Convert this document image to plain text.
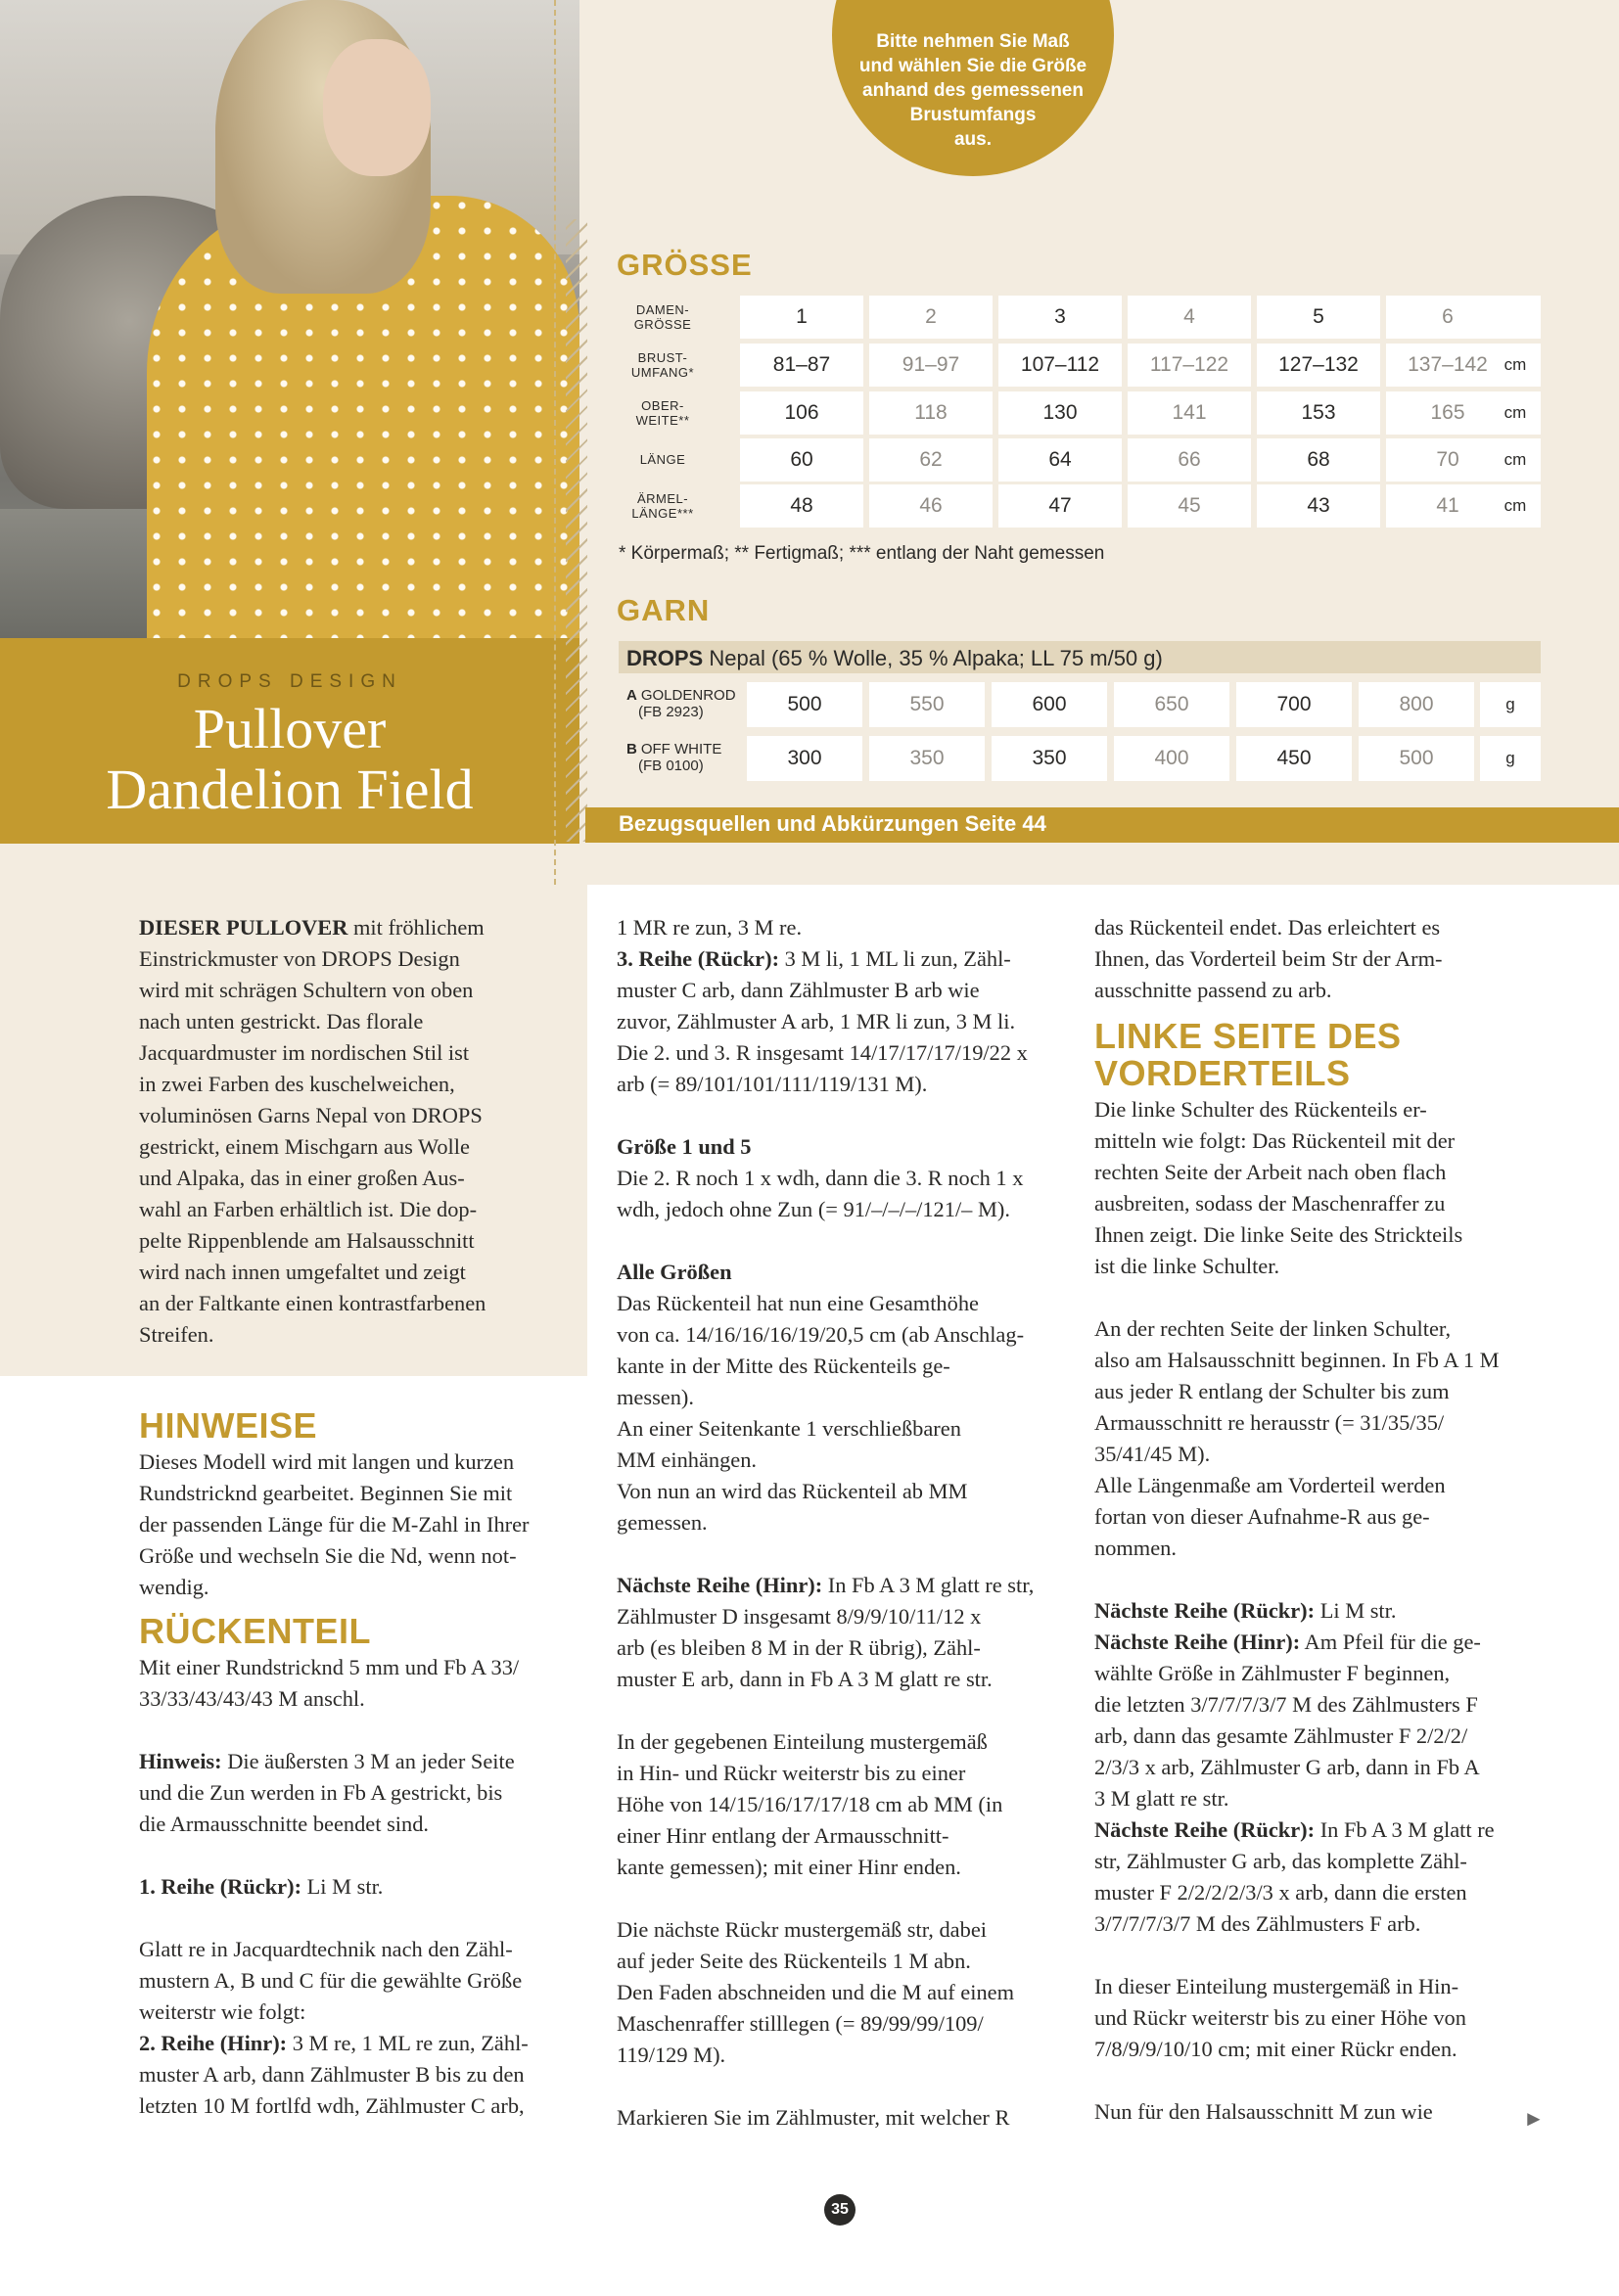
DROPS DESIGN
Pullover
Dandelion Field
Bitte nehmen Sie Maß
und wählen Sie die Größe
anhand des gemessenen
Brustumfangs
aus.
GRÖSSE
DAMEN-
GRÖSSE	1	2	3	4	5	6
BRUST-
UMFANG*	81–87	91–97	107–112	117–122	127–132	137–142 cm
OBER-
WEITE**	106	118	130	141	153	165	cm
LÄNGE	60	62	64	66	68	70	cm
ÄRMEL-
LÄNGE***	48	46	47	45	43	41	cm
* Körpermaß; ** Fertigmaß; *** entlang der Naht gemessen
GARN
DROPS Nepal (65 % Wolle, 35 % Alpaka; LL 75 m/50 g)
A GOLDENROD
(FB 2923)	500	550	600	650	700	800	g
B OFF WHITE
(FB 0100)	300	350	350	400	450	500	g
Bezugsquellen und Abkürzungen Seite 44

DIESER PULLOVER mit fröhlichem

Einstrickmuster von DROPS Design

wird mit schrägen Schultern von oben

nach unten gestrickt. Das florale

Jacquardmuster im nordischen Stil ist

in zwei Farben des kuschelweichen,

voluminösen Garns Nepal von DROPS

gestrickt, einem Mischgarn aus Wolle

und Alpaka, das in einer großen Aus-

wahl an Farben erhältlich ist. Die dop-

pelte Rippenblende am Halsausschnitt

wird nach innen umgefaltet und zeigt

an der Faltkante einen kontrastfarbenen

Streifen.

HINWEISE

Dieses Modell wird mit langen und kurzen

Rundstricknd gearbeitet. Beginnen Sie mit

der passenden Länge für die M-Zahl in Ihrer

Größe und wechseln Sie die Nd, wenn not-

wendig.

RÜCKENTEIL

Mit einer Rundstricknd 5 mm und Fb A 33/

33/33/43/43/43 M anschl.

Hinweis: Die äußersten 3 M an jeder Seite

und die Zun werden in Fb A gestrickt, bis

die Armausschnitte beendet sind.

1. Reihe (Rückr): Li M str.

Glatt re in Jacquardtechnik nach den Zähl-

mustern A, B und C für die gewählte Größe

weiterstr wie folgt:

2. Reihe (Hinr): 3 M re, 1 ML re zun, Zähl-

muster A arb, dann Zählmuster B bis zu den

letzten 10 M fortlfd wdh, Zählmuster C arb,

1 MR re zun, 3 M re.

3. Reihe (Rückr): 3 M li, 1 ML li zun, Zähl-

muster C arb, dann Zählmuster B arb wie

zuvor, Zählmuster A arb, 1 MR li zun, 3 M li.

Die 2. und 3. R insgesamt 14/17/17/17/19/22 x

arb (= 89/101/101/111/119/131 M).

Größe 1 und 5

Die 2. R noch 1 x wdh, dann die 3. R noch 1 x

wdh, jedoch ohne Zun (= 91/–/–/–/121/– M).

Alle Größen

Das Rückenteil hat nun eine Gesamthöhe

von ca. 14/16/16/16/19/20,5 cm (ab Anschlag-

kante in der Mitte des Rückenteils ge-

messen).

An einer Seitenkante 1 verschließbaren

MM einhängen.

Von nun an wird das Rückenteil ab MM

gemessen.

Nächste Reihe (Hinr): In Fb A 3 M glatt re str,

Zählmuster D insgesamt 8/9/9/10/11/12 x

arb (es bleiben 8 M in der R übrig), Zähl-

muster E arb, dann in Fb A 3 M glatt re str.

In der gegebenen Einteilung mustergemäß

in Hin- und Rückr weiterstr bis zu einer

Höhe von 14/15/16/17/17/18 cm ab MM (in

einer Hinr entlang der Armausschnitt-

kante gemessen); mit einer Hinr enden.

Die nächste Rückr mustergemäß str, dabei

auf jeder Seite des Rückenteils 1 M abn.

Den Faden abschneiden und die M auf einem

Maschenraffer stilllegen (= 89/99/99/109/

119/129 M).

Markieren Sie im Zählmuster, mit welcher R

das Rückenteil endet. Das erleichtert es

Ihnen, das Vorderteil beim Str der Arm-

ausschnitte passend zu arb.

LINKE SEITE DES
VORDERTEILS

Die linke Schulter des Rückenteils er-

mitteln wie folgt: Das Rückenteil mit der

rechten Seite der Arbeit nach oben flach

ausbreiten, sodass der Maschenraffer zu

Ihnen zeigt. Die linke Seite des Strickteils

ist die linke Schulter.

An der rechten Seite der linken Schulter,

also am Halsausschnitt beginnen. In Fb A 1 M

aus jeder R entlang der Schulter bis zum

Armausschnitt re herausstr (= 31/35/35/

35/41/45 M).

Alle Längenmaße am Vorderteil werden

fortan von dieser Aufnahme-R aus ge-

nommen.

Nächste Reihe (Rückr): Li M str.

Nächste Reihe (Hinr): Am Pfeil für die ge-

wählte Größe in Zählmuster F beginnen,

die letzten 3/7/7/7/3/7 M des Zählmusters F

arb, dann das gesamte Zählmuster F 2/2/2/

2/3/3 x arb, Zählmuster G arb, dann in Fb A

3 M glatt re str.

Nächste Reihe (Rückr): In Fb A 3 M glatt re

str, Zählmuster G arb, das komplette Zähl-

muster F 2/2/2/2/3/3 x arb, dann die ersten

3/7/7/7/3/7 M des Zählmusters F arb.

In dieser Einteilung mustergemäß in Hin-

und Rückr weiterstr bis zu einer Höhe von

7/8/9/9/10/10 cm; mit einer Rückr enden.

Nun für den Halsausschnitt M zun wie	►
35
